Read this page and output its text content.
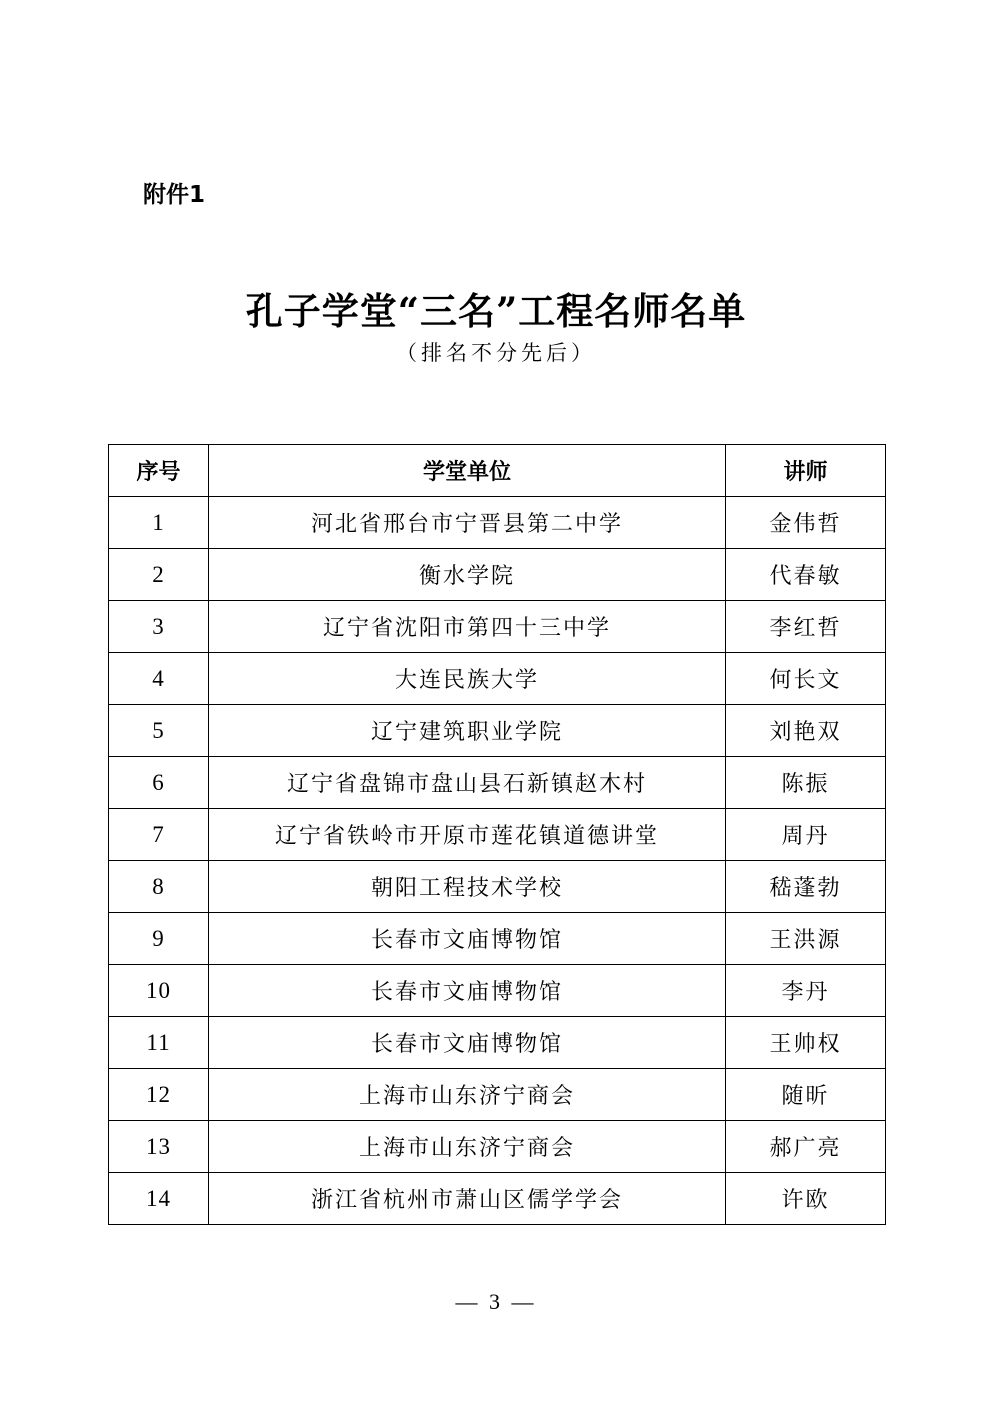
附件1
孔子学堂“三名”工程名师名单
（排名不分先后）
序号	学堂单位	讲师
1	河北省邢台市宁晋县第二中学	金伟哲
2	衡水学院	代春敏
3	辽宁省沈阳市第四十三中学	李红哲
4	大连民族大学	何长文
5	辽宁建筑职业学院	刘艳双
6	辽宁省盘锦市盘山县石新镇赵木村	陈振
7	辽宁省铁岭市开原市莲花镇道德讲堂	周丹
8	朝阳工程技术学校	嵇蓬勃
9	长春市文庙博物馆	王洪源
10	长春市文庙博物馆	李丹
11	长春市文庙博物馆	王帅权
12	上海市山东济宁商会	随昕
13	上海市山东济宁商会	郝广亮
14	浙江省杭州市萧山区儒学学会	许欧
— 3 —
